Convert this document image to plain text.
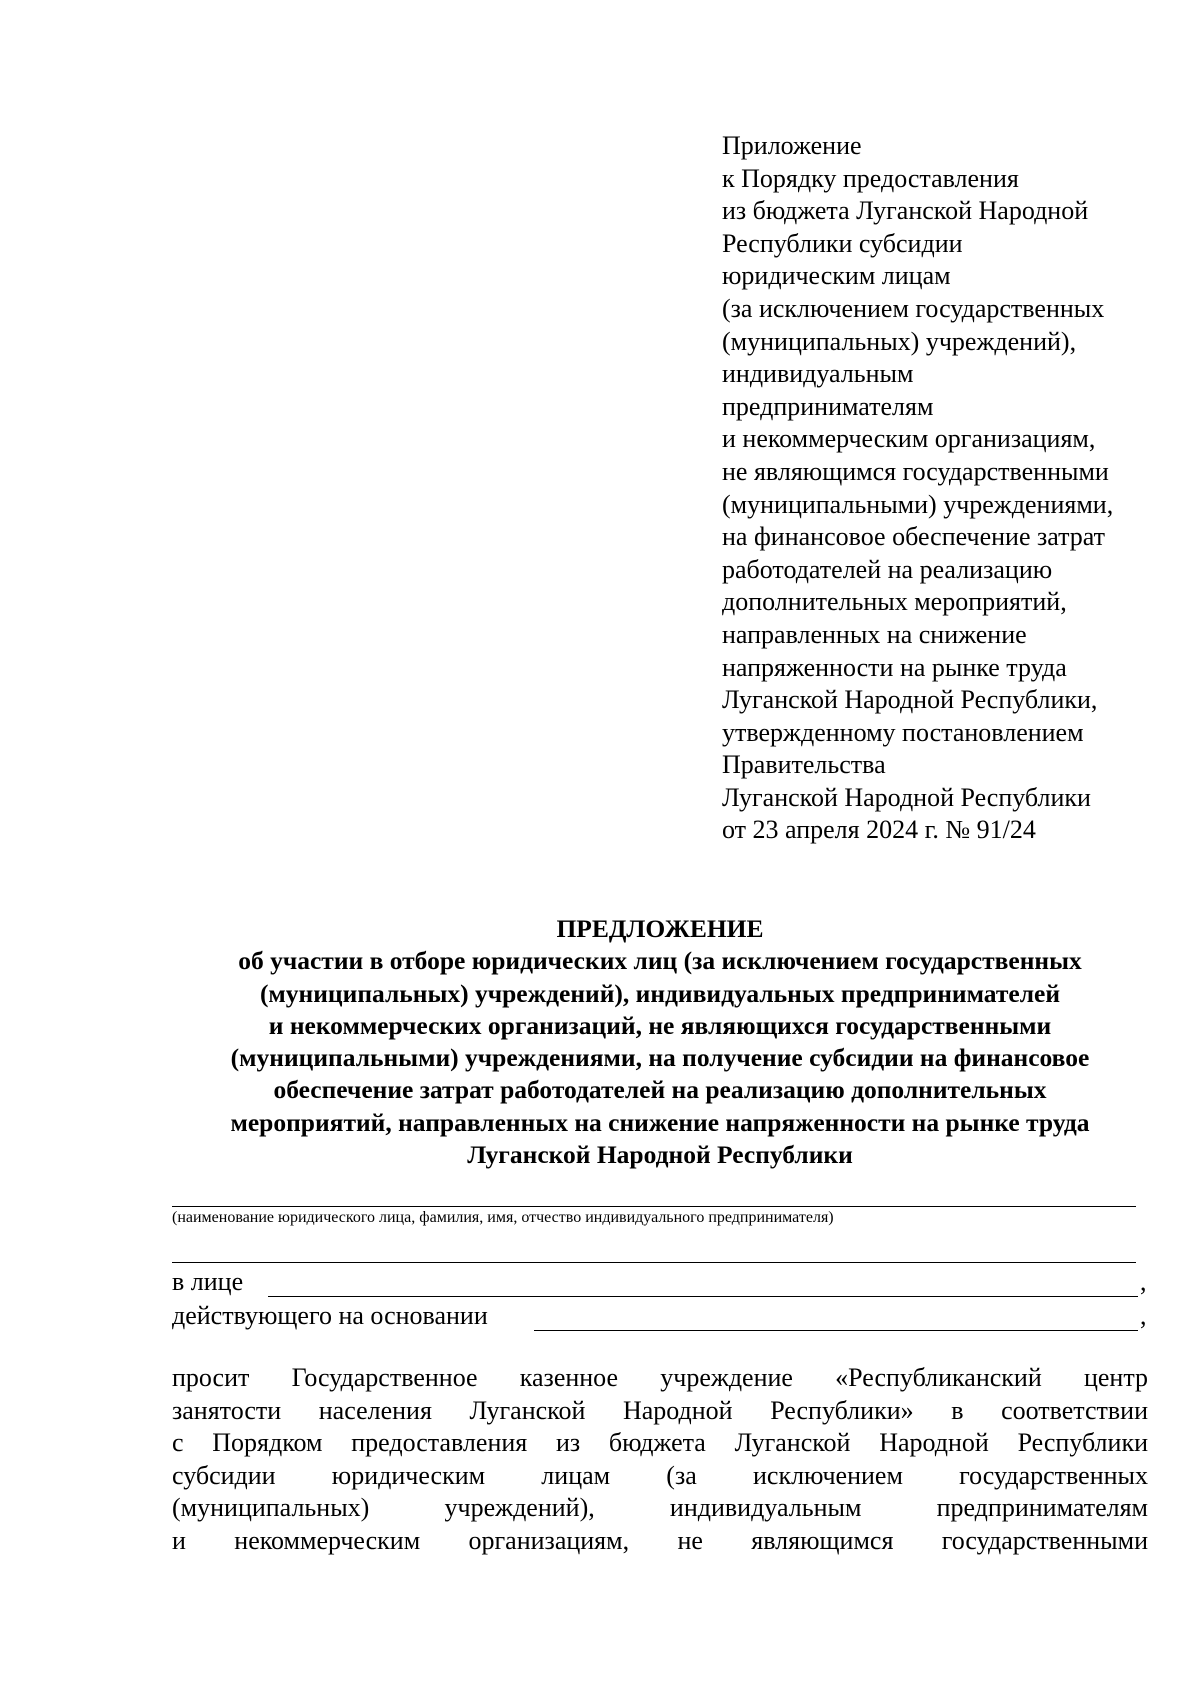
Приложение
к Порядку предоставления
из бюджета Луганской Народной
Республики субсидии
юридическим лицам
(за исключением государственных
(муниципальных) учреждений),
индивидуальным
предпринимателям
и некоммерческим организациям,
не являющимся государственными
(муниципальными) учреждениями,
на финансовое обеспечение затрат
работодателей на реализацию
дополнительных мероприятий,
направленных на снижение
напряженности на рынке труда
Луганской Народной Республики,
утвержденному постановлением
Правительства
Луганской Народной Республики
от 23 апреля 2024 г. № 91/24
ПРЕДЛОЖЕНИЕ
об участии в отборе юридических лиц (за исключением государственных
(муниципальных) учреждений), индивидуальных предпринимателей
и некоммерческих организаций, не являющихся государственными
(муниципальными) учреждениями, на получение субсидии на финансовое
обеспечение затрат работодателей на реализацию дополнительных
мероприятий, направленных на снижение напряженности на рынке труда
Луганской Народной Республики
(наименование юридического лица, фамилия, имя, отчество индивидуального предпринимателя)
в лице	,
действующего на основании	,
просит Государственное казенное учреждение «Республиканский центр
занятости населения Луганской Народной Республики» в соответствии
с Порядком предоставления из бюджета Луганской Народной Республики
субсидии юридическим лицам (за исключением государственных
(муниципальных) учреждений), индивидуальным предпринимателям
и некоммерческим организациям, не являющимся государственными
